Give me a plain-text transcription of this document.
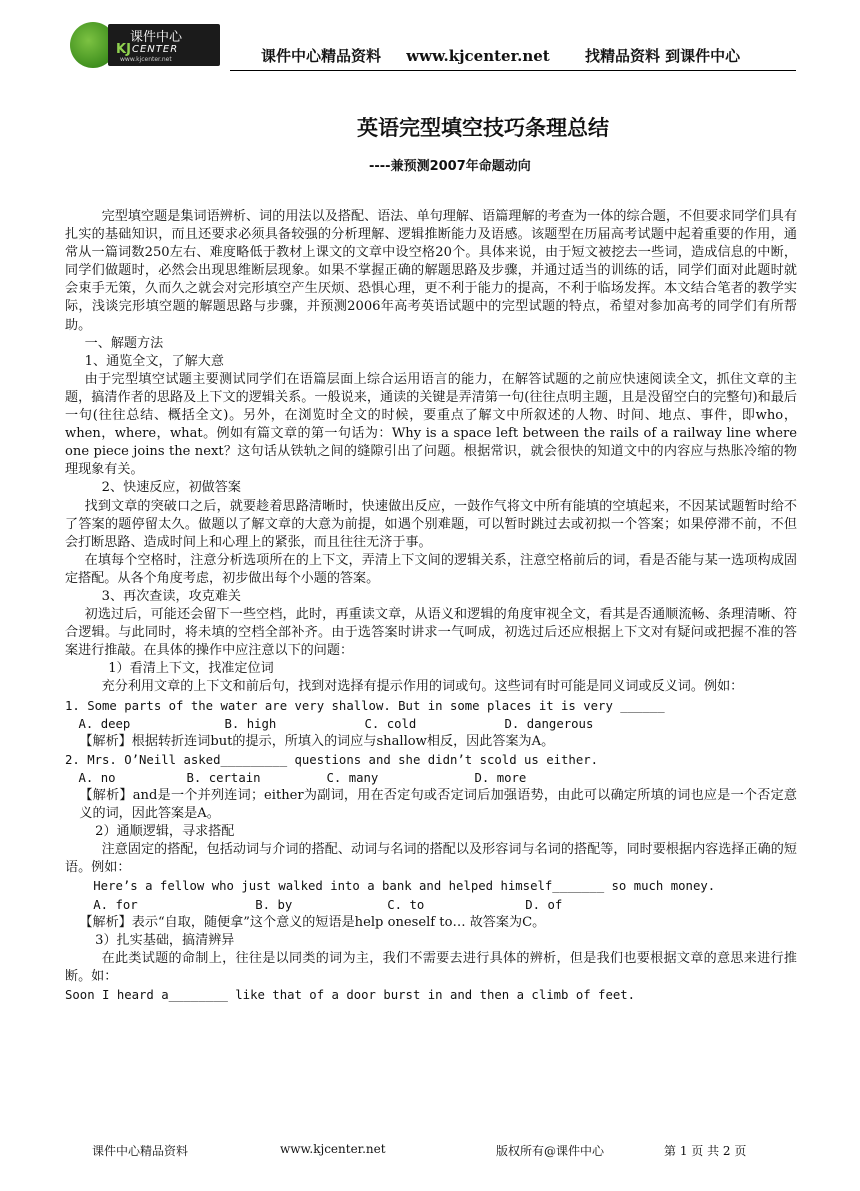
课件中心
KJ CENTER
www.kjcenter.net	课件中心精品资料 www.kjcenter.net 找精品资料 到课件中心
英语完型填空技巧条理总结
----兼预测2007年命题动向

完型填空题是集词语辨析、词的用法以及搭配、语法、单句理解、语篇理解的考查为一体的综合题，不但要求同学们具有扎实的基础知识，而且还要求必须具备较强的分析理解、逻辑推断能力及语感。该题型在历届高考试题中起着重要的作用，通常从一篇词数250左右、难度略低于教材上课文的文章中设空格20个。具体来说，由于短文被挖去一些词，造成信息的中断，同学们做题时，必然会出现思维断层现象。如果不掌握正确的解题思路及步骤，并通过适当的训练的话，同学们面对此题时就会束手无策，久而久之就会对完形填空产生厌烦、恐惧心理，更不利于能力的提高，不利于临场发挥。本文结合笔者的教学实际，浅谈完形填空题的解题思路与步骤，并预测2006年高考英语试题中的完型试题的特点，希望对参加高考的同学们有所帮助。

一、解题方法

1、通览全文，了解大意

由于完型填空试题主要测试同学们在语篇层面上综合运用语言的能力，在解答试题的之前应快速阅读全文，抓住文章的主题，搞清作者的思路及上下文的逻辑关系。一般说来，通读的关键是弄清第一句(往往点明主题，且是没留空白的完整句)和最后一句(往往总结、概括全文)。另外，在浏览时全文的时候，要重点了解文中所叙述的人物、时间、地点、事件，即who，when，where，what。例如有篇文章的第一句话为：Why is a space left between the rails of a railway line where one piece joins the next？这句话从铁轨之间的缝隙引出了问题。根据常识，就会很快的知道文中的内容应与热胀冷缩的物理现象有关。

2、快速反应，初做答案

找到文章的突破口之后，就要趁着思路清晰时，快速做出反应，一鼓作气将文中所有能填的空填起来，不因某试题暂时给不了答案的题停留太久。做题以了解文章的大意为前提，如遇个别难题，可以暂时跳过去或初拟一个答案；如果停滞不前，不但会打断思路、造成时间上和心理上的紧张，而且往往无济于事。

在填每个空格时，注意分析选项所在的上下文，弄清上下文间的逻辑关系，注意空格前后的词，看是否能与某一选项构成固定搭配。从各个角度考虑，初步做出每个小题的答案。

3、再次查读，攻克难关

初选过后，可能还会留下一些空档，此时，再重读文章，从语义和逻辑的角度审视全文，看其是否通顺流畅、条理清晰、符合逻辑。与此同时，将未填的空档全部补齐。由于选答案时讲求一气呵成，初选过后还应根据上下文对有疑问或把握不准的答案进行推敲。在具体的操作中应注意以下的问题：

1）看清上下文，找准定位词

充分利用文章的上下文和前后句，找到对选择有提示作用的词或句。这些词有时可能是同义词或反义词。例如：

1. Some parts of the water are very shallow. But in some places it is very ______

A. deep	B. high	C. cold	D. dangerous

【解析】根据转折连词but的提示，所填入的词应与shallow相反，因此答案为A。

2. Mrs. O’Neill asked_________ questions and she didn’t scold us either.

A. no	B. certain	C. many	D. more

【解析】and是一个并列连词；either为副词，用在否定句或否定词后加强语势，由此可以确定所填的词也应是一个否定意义的词，因此答案是A。

2）通顺逻辑，寻求搭配

注意固定的搭配，包括动词与介词的搭配、动词与名词的搭配以及形容词与名词的搭配等，同时要根据内容选择正确的短语。例如：

Here’s a fellow who just walked into a bank and helped himself_______ so much money.

A. for	B. by	C. to	D. of

【解析】表示“自取，随便拿”这个意义的短语是help oneself to… 故答案为C。

3）扎实基础，搞清辨异

在此类试题的命制上，往往是以同类的词为主，我们不需要去进行具体的辨析，但是我们也要根据文章的意思来进行推断。如：

Soon I heard a________ like that of a door burst in and then a climb of feet.

课件中心精品资料	www.kjcenter.net	版权所有@课件中心	第 1 页 共 2 页
